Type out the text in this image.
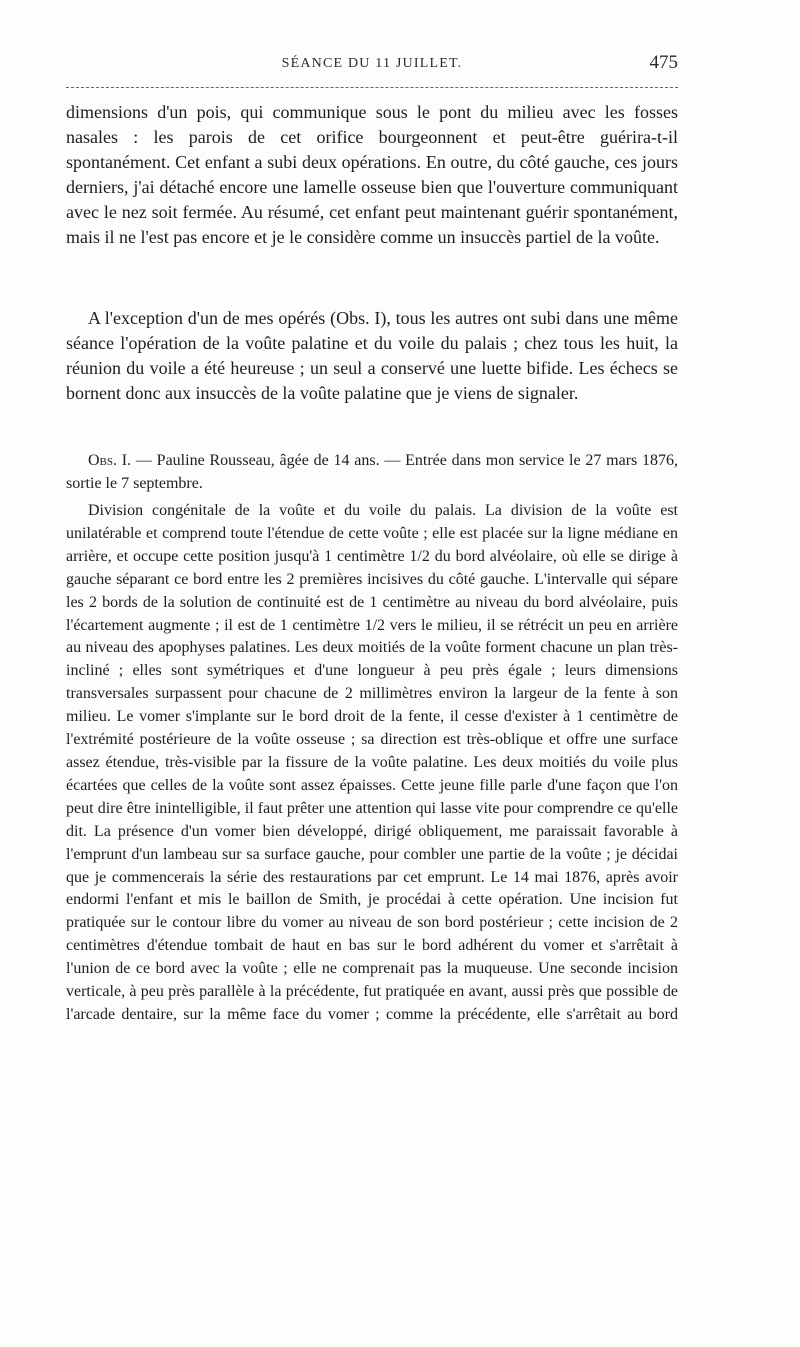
SÉANCE DU 11 JUILLET.	475

dimensions d'un pois, qui communique sous le pont du milieu avec les fosses nasales : les parois de cet orifice bourgeonnent et peut-être guérira-t-il spontanément. Cet enfant a subi deux opérations. En outre, du côté gauche, ces jours derniers, j'ai détaché encore une lamelle osseuse bien que l'ouverture communiquant avec le nez soit fermée. Au résumé, cet enfant peut maintenant guérir spontanément, mais il ne l'est pas encore et je le considère comme un insuccès partiel de la voûte.

A l'exception d'un de mes opérés (Obs. I), tous les autres ont subi dans une même séance l'opération de la voûte palatine et du voile du palais ; chez tous les huit, la réunion du voile a été heureuse ; un seul a conservé une luette bifide. Les échecs se bornent donc aux insuccès de la voûte palatine que je viens de signaler.

Obs. I. — Pauline Rousseau, âgée de 14 ans. — Entrée dans mon service le 27 mars 1876, sortie le 7 septembre.

Division congénitale de la voûte et du voile du palais. La division de la voûte est unilatérable et comprend toute l'étendue de cette voûte ; elle est placée sur la ligne médiane en arrière, et occupe cette position jusqu'à 1 centimètre 1/2 du bord alvéolaire, où elle se dirige à gauche séparant ce bord entre les 2 premières incisives du côté gauche. L'intervalle qui sépare les 2 bords de la solution de continuité est de 1 centimètre au niveau du bord alvéolaire, puis l'écartement augmente ; il est de 1 centimètre 1/2 vers le milieu, il se rétrécit un peu en arrière au niveau des apophyses palatines. Les deux moitiés de la voûte forment chacune un plan très-incliné ; elles sont symétriques et d'une longueur à peu près égale ; leurs dimensions transversales surpassent pour chacune de 2 millimètres environ la largeur de la fente à son milieu. Le vomer s'implante sur le bord droit de la fente, il cesse d'exister à 1 centimètre de l'extrémité postérieure de la voûte osseuse ; sa direction est très-oblique et offre une surface assez étendue, très-visible par la fissure de la voûte palatine. Les deux moitiés du voile plus écartées que celles de la voûte sont assez épaisses. Cette jeune fille parle d'une façon que l'on peut dire être inintelligible, il faut prêter une attention qui lasse vite pour comprendre ce qu'elle dit. La présence d'un vomer bien développé, dirigé obliquement, me paraissait favorable à l'emprunt d'un lambeau sur sa surface gauche, pour combler une partie de la voûte ; je décidai que je commencerais la série des restaurations par cet emprunt. Le 14 mai 1876, après avoir endormi l'enfant et mis le baillon de Smith, je procédai à cette opération. Une incision fut pratiquée sur le contour libre du vomer au niveau de son bord postérieur ; cette incision de 2 centimètres d'étendue tombait de haut en bas sur le bord adhérent du vomer et s'arrêtait à l'union de ce bord avec la voûte ; elle ne comprenait pas la muqueuse. Une seconde incision verticale, à peu près parallèle à la précédente, fut pratiquée en avant, aussi près que possible de l'arcade dentaire, sur la même face du vomer ; comme la précédente, elle s'arrêtait au bord
